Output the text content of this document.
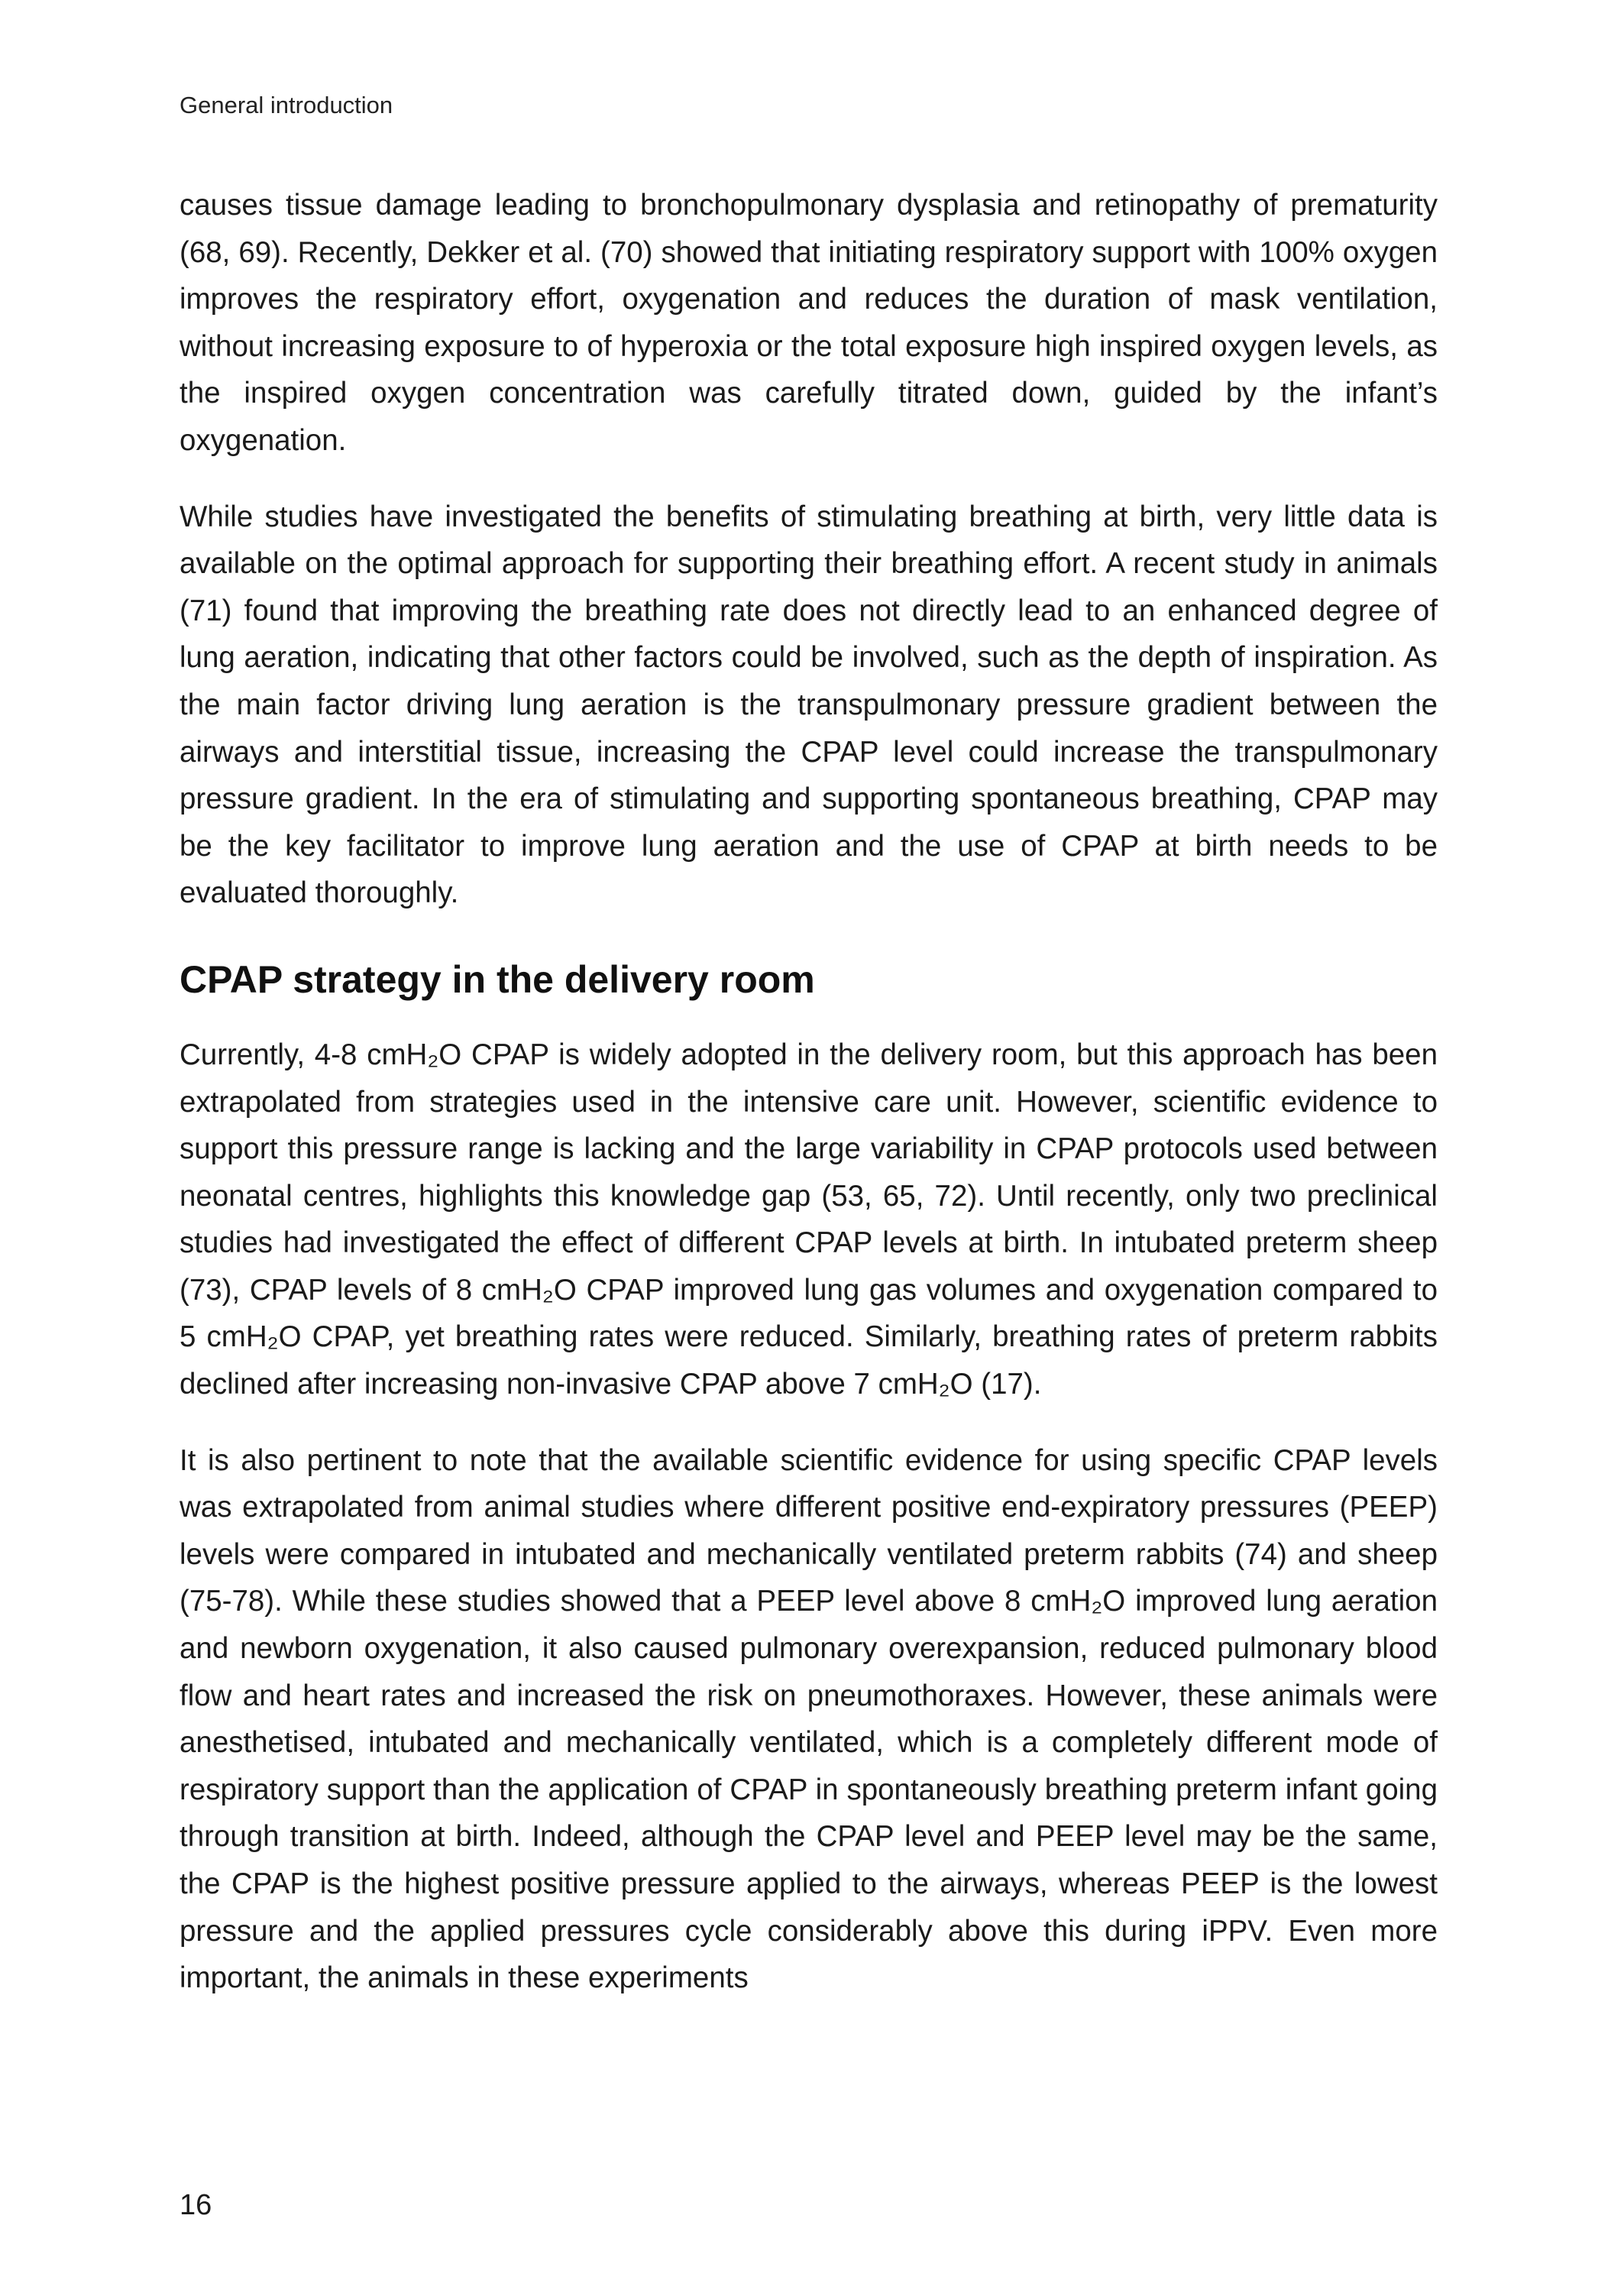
General introduction

causes tissue damage leading to bronchopulmonary dysplasia and retinopathy of prematurity (68, 69). Recently, Dekker et al. (70) showed that initiating respiratory support with 100% oxygen improves the respiratory effort, oxygenation and reduces the duration of mask ventilation, without increasing exposure to of hyperoxia or the total exposure high inspired oxygen levels, as the inspired oxygen concentration was carefully titrated down, guided by the infant’s oxygenation.

While studies have investigated the benefits of stimulating breathing at birth, very little data is available on the optimal approach for supporting their breathing effort. A recent study in animals (71) found that improving the breathing rate does not directly lead to an enhanced degree of lung aeration, indicating that other factors could be involved, such as the depth of inspiration. As the main factor driving lung aeration is the transpulmonary pressure gradient between the airways and interstitial tissue, increasing the CPAP level could increase the transpulmonary pressure gradient. In the era of stimulating and supporting spontaneous breathing, CPAP may be the key facilitator to improve lung aeration and the use of CPAP at birth needs to be evaluated thoroughly.

CPAP strategy in the delivery room

Currently, 4-8 cmH₂O CPAP is widely adopted in the delivery room, but this approach has been extrapolated from strategies used in the intensive care unit. However, scientific evidence to support this pressure range is lacking and the large variability in CPAP protocols used between neonatal centres, highlights this knowledge gap (53, 65, 72). Until recently, only two preclinical studies had investigated the effect of different CPAP levels at birth. In intubated preterm sheep (73), CPAP levels of 8 cmH₂O CPAP improved lung gas volumes and oxygenation compared to 5 cmH₂O CPAP, yet breathing rates were reduced. Similarly, breathing rates of preterm rabbits declined after increasing non-invasive CPAP above 7 cmH₂O (17).

It is also pertinent to note that the available scientific evidence for using specific CPAP levels was extrapolated from animal studies where different positive end-expiratory pressures (PEEP) levels were compared in intubated and mechanically ventilated preterm rabbits (74) and sheep (75-78). While these studies showed that a PEEP level above 8 cmH₂O improved lung aeration and newborn oxygenation, it also caused pulmonary overexpansion, reduced pulmonary blood flow and heart rates and increased the risk on pneumothoraxes. However, these animals were anesthetised, intubated and mechanically ventilated, which is a completely different mode of respiratory support than the application of CPAP in spontaneously breathing preterm infant going through transition at birth. Indeed, although the CPAP level and PEEP level may be the same, the CPAP is the highest positive pressure applied to the airways, whereas PEEP is the lowest pressure and the applied pressures cycle considerably above this during iPPV. Even more important, the animals in these experiments

16
